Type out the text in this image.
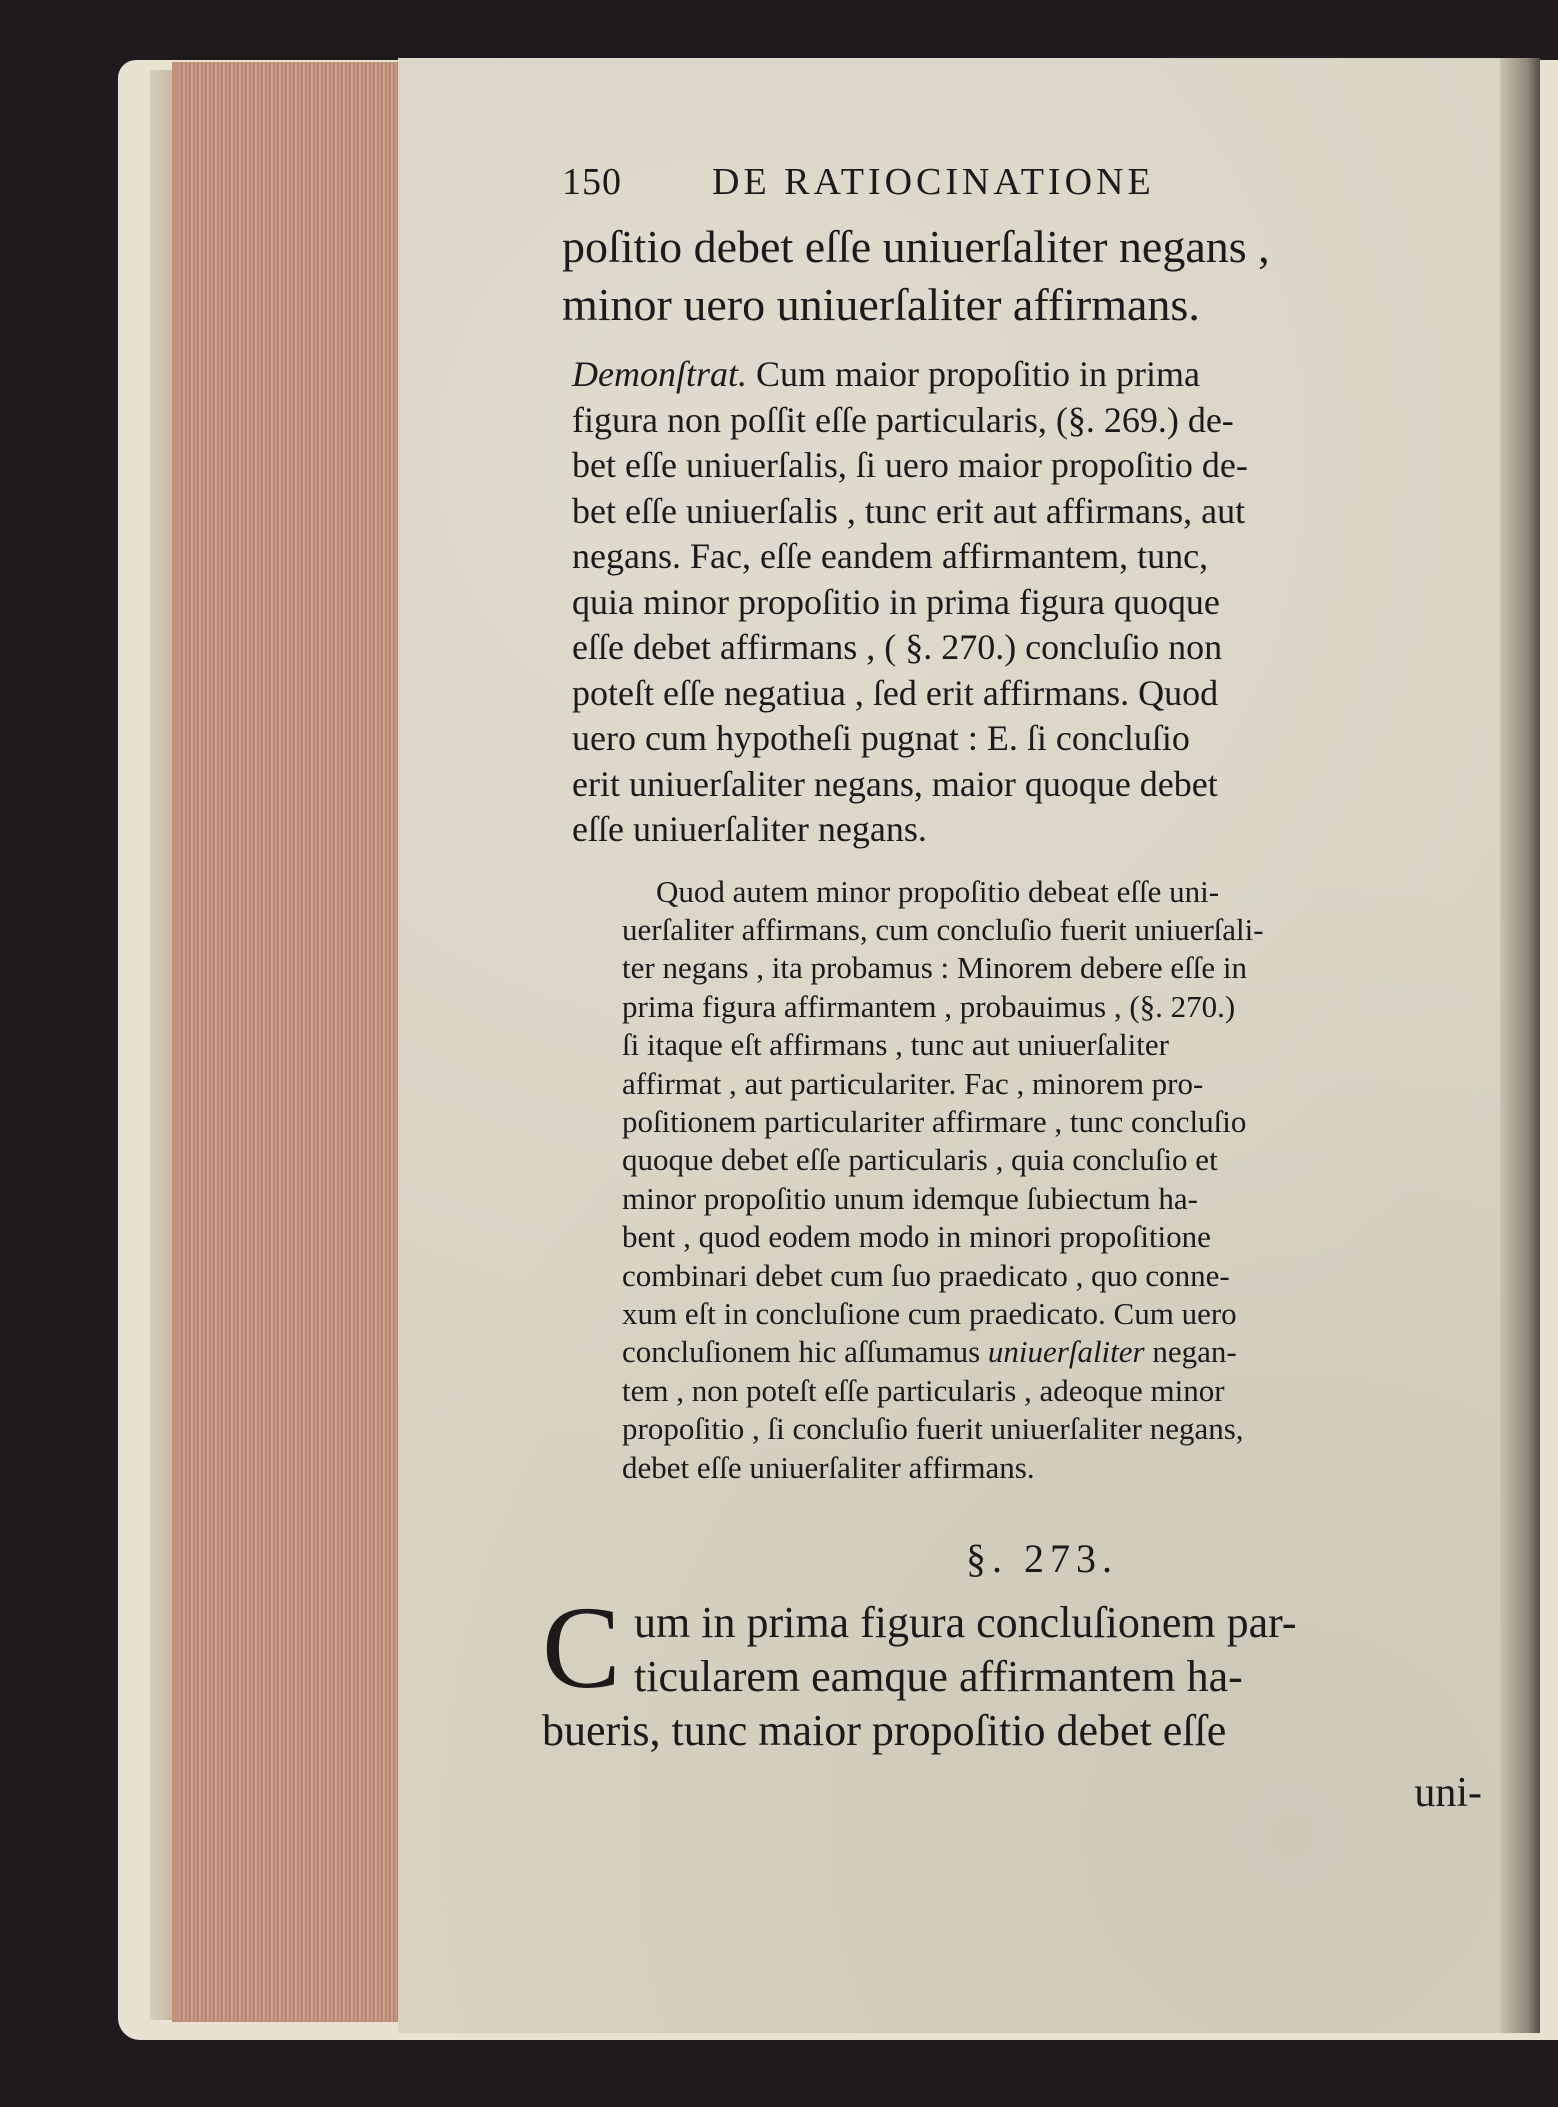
150 DE RATIOCINATIONE
poſitio debet eſſe uniuerſaliter negans ,
minor uero uniuerſaliter affirmans.
Demonſtrat. Cum maior propoſitio in prima
figura non poſſit eſſe particularis, (§. 269.) de-
bet eſſe uniuerſalis, ſi uero maior propoſitio de-
bet eſſe uniuerſalis , tunc erit aut affirmans, aut
negans. Fac, eſſe eandem affirmantem, tunc,
quia minor propoſitio in prima figura quoque
eſſe debet affirmans , ( §. 270.) concluſio non
poteſt eſſe negatiua , ſed erit affirmans. Quod
uero cum hypotheſi pugnat : E. ſi concluſio
erit uniuerſaliter negans, maior quoque debet
eſſe uniuerſaliter negans.
Quod autem minor propoſitio debeat eſſe uni-
uerſaliter affirmans, cum concluſio fuerit uniuerſali-
ter negans , ita probamus : Minorem debere eſſe in
prima figura affirmantem , probauimus , (§. 270.)
ſi itaque eſt affirmans , tunc aut uniuerſaliter
affirmat , aut particulariter. Fac , minorem pro-
poſitionem particulariter affirmare , tunc concluſio
quoque debet eſſe particularis , quia concluſio et
minor propoſitio unum idemque ſubiectum ha-
bent , quod eodem modo in minori propoſitione
combinari debet cum ſuo praedicato , quo conne-
xum eſt in concluſione cum praedicato. Cum uero
concluſionem hic aſſumamus uniuerſaliter negan-
tem , non poteſt eſſe particularis , adeoque minor
propoſitio , ſi concluſio fuerit uniuerſaliter negans,
debet eſſe uniuerſaliter affirmans.
§. 273.
C um in prima figura concluſionem par-
ticularem eamque affirmantem ha-
bueris, tunc maior propoſitio debet eſſe
uni-
